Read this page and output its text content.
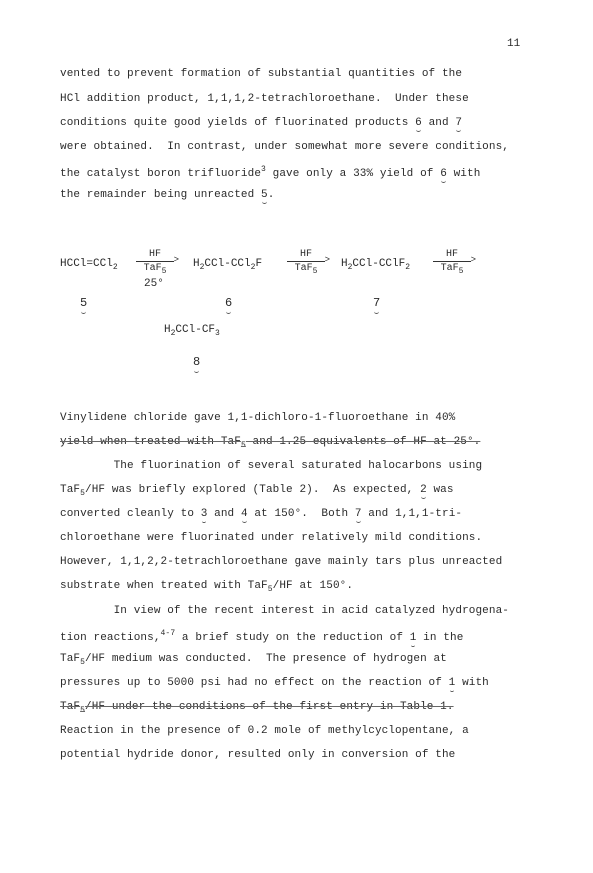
11
vented to prevent formation of substantial quantities of the
HCl addition product, 1,1,1,2-tetrachloroethane.  Under these
conditions quite good yields of fluorinated products 6 and 7
were obtained.  In contrast, under somewhat more severe conditions,
the catalyst boron trifluoride$^3$ gave only a 33% yield of 6 with
the remainder being unreacted 5.
HCCl=CCl$_2$
HF
>
TaF$_5$
25°
$H_2CCl-CCl_2F$
HF
>
TaF$_5$
$H_2CCl-CClF_2$
HF
>
TaF$_5$
$H_2CCl-CF_3$
5	6	7
8
Vinylidene chloride gave 1,1-dichloro-1-fluoroethane in 40%
yield when treated with TaF$_5$ and 1.25 equivalents of HF at 25°.
The fluorination of several saturated halocarbons using
TaF$_5$/HF was briefly explored (Table 2).  As expected, 2 was
converted cleanly to 3 and 4 at 150°.  Both 7 and 1,1,1-tri-
chloroethane were fluorinated under relatively mild conditions.
However, 1,1,2,2-tetrachloroethane gave mainly tars plus unreacted
substrate when treated with TaF$_5$/HF at 150°.
In view of the recent interest in acid catalyzed hydrogena-
tion reactions,$^{4-7}$ a brief study on the reduction of 1 in the
TaF$_5$/HF medium was conducted.  The presence of hydrogen at
pressures up to 5000 psi had no effect on the reaction of 1 with
TaF$_5$/HF under the conditions of the first entry in Table 1.
Reaction in the presence of 0.2 mole of methylcyclopentane, a
potential hydride donor, resulted only in conversion of the
